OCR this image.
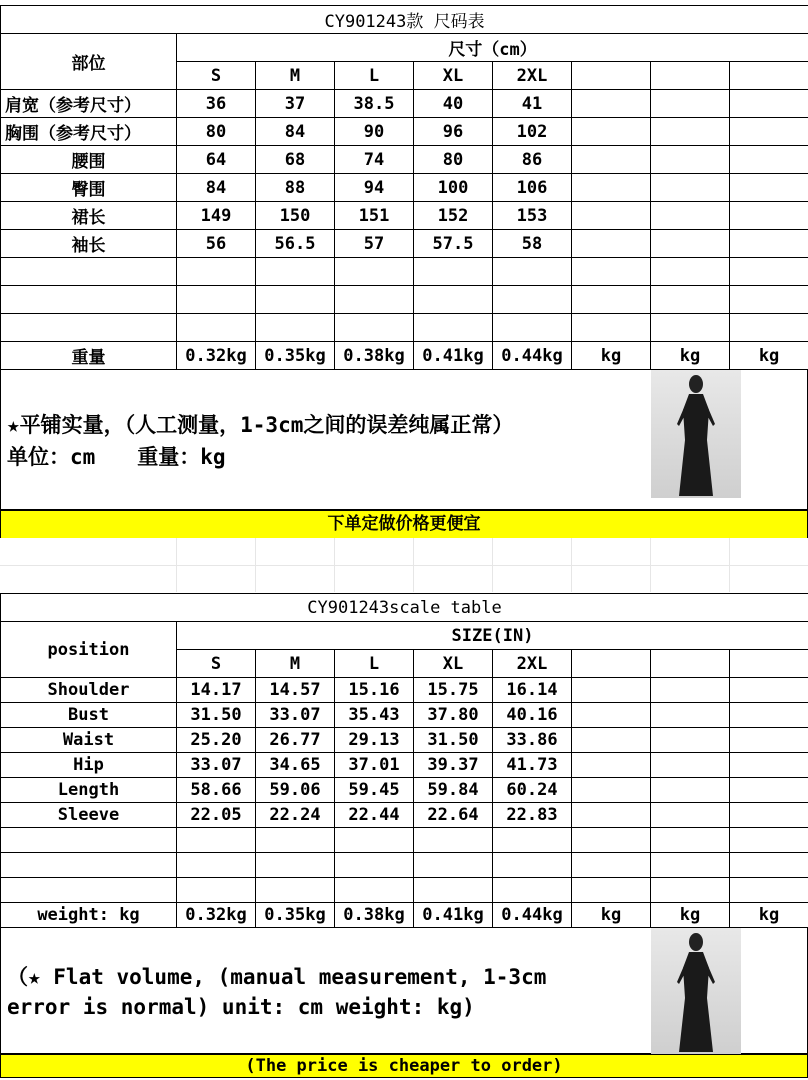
CY901243款 尺码表								
部位	尺寸（cm）							
	S	M	L	XL	2XL			
肩宽（参考尺寸）	36	37	38.5	40	41			
胸围（参考尺寸）	80	84	90	96	102			
腰围	64	68	74	80	86			
臀围	84	88	94	100	106			
裙长	149	150	151	152	153			
袖长	56	56.5	57	57.5	58			

重量	0.32kg	0.35kg	0.38kg	0.41kg	0.44kg	kg	kg	kg
★平铺实量，（人工测量，1-3cm之间的误差纯属正常）
单位：cm　　重量：kg
下单定做价格更便宜
CY901243scale table								
position	SIZE(IN)							
	S	M	L	XL	2XL			
Shoulder	14.17	14.57	15.16	15.75	16.14			
Bust	31.50	33.07	35.43	37.80	40.16			
Waist	25.20	26.77	29.13	31.50	33.86			
Hip	33.07	34.65	37.01	39.37	41.73			
Length	58.66	59.06	59.45	59.84	60.24			
Sleeve	22.05	22.24	22.44	22.64	22.83			

weight: kg	0.32kg	0.35kg	0.38kg	0.41kg	0.44kg	kg	kg	kg
（★ Flat volume, (manual measurement, 1-3cm
error is normal) unit: cm weight: kg)
(The price is cheaper to order)
